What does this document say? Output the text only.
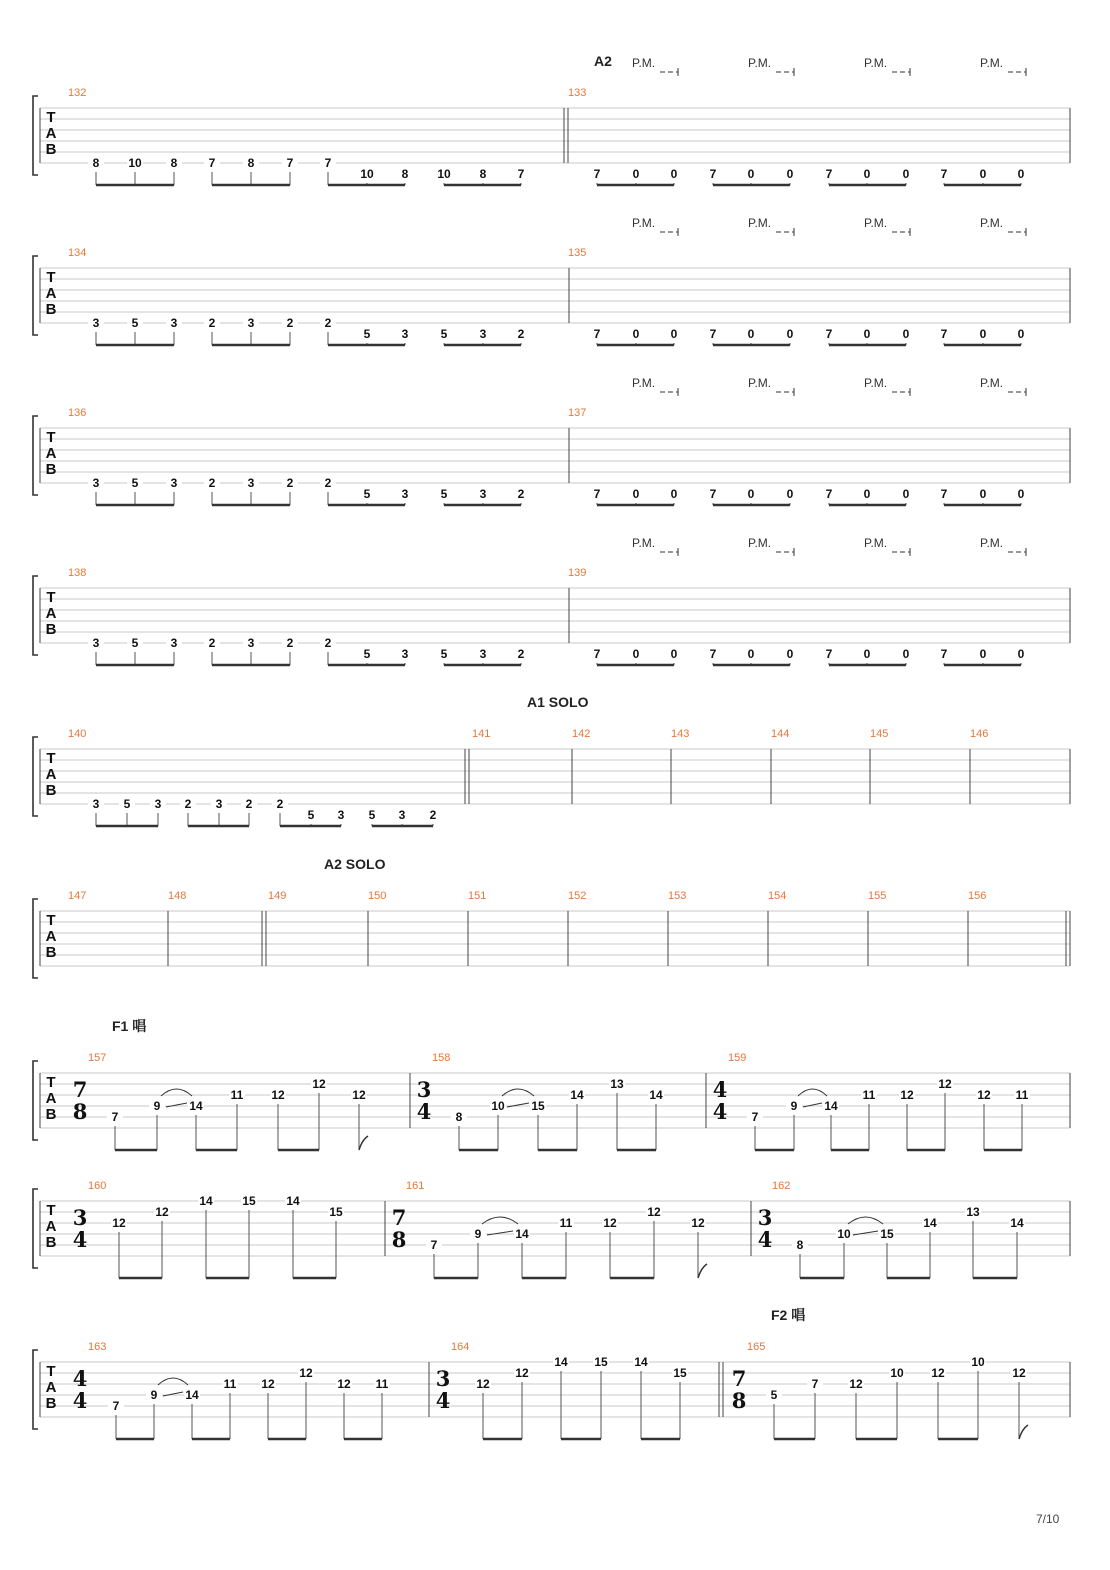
T
A
B
A2 P.M.	P.M.	P.M.	P.M.
132
8 10 8	7	8	7	7
10 8 10 8	7
133
7	0	0	7	0	0	7	0	0	7	0	0
T
A
B
P.M.	P.M.	P.M.	P.M.
134
3	5	3	2	3	2	2
5	3	5	3	2
135
7	0	0	7	0	0	7	0	0	7	0	0
T
A
B
P.M.	P.M.	P.M.	P.M.
136
3	5	3	2	3	2	2
5	3	5	3	2
137
7	0	0	7	0	0	7	0	0	7	0	0
T
A
B
P.M.	P.M.	P.M.	P.M.
138
3	5	3	2	3	2	2
5	3	5	3	2
139
7	0	0	7	0	0	7	0	0	7	0	0
T
A
B
A1 SOLO
140
3 5 3 2 3 2 2
5 3 5 3 2
141	142	143	144	145	146
T
A
B
A2 SOLO
147	148	149	150	151	152	153	154	155	156
T
A
B
7
8
3
4
4
4
F1 唱
157
7
9 14
11 12
12
12
158
8
10 15
14
13
14
159
7
9 14
11 12
12
12 11
T
A
B
3
4
7
8
3
4
160
12
12
14 15	14
15
161
7
9	14
11	12
12
12
162
8
10 15
14
13
14
T
A
B
4
4
3
4
7
8
F2 唱
163
7
9 14
11 12
12
12 11
164
12
12
14 15 14
15
165
5
7	12
10 12
10
12
7/10
